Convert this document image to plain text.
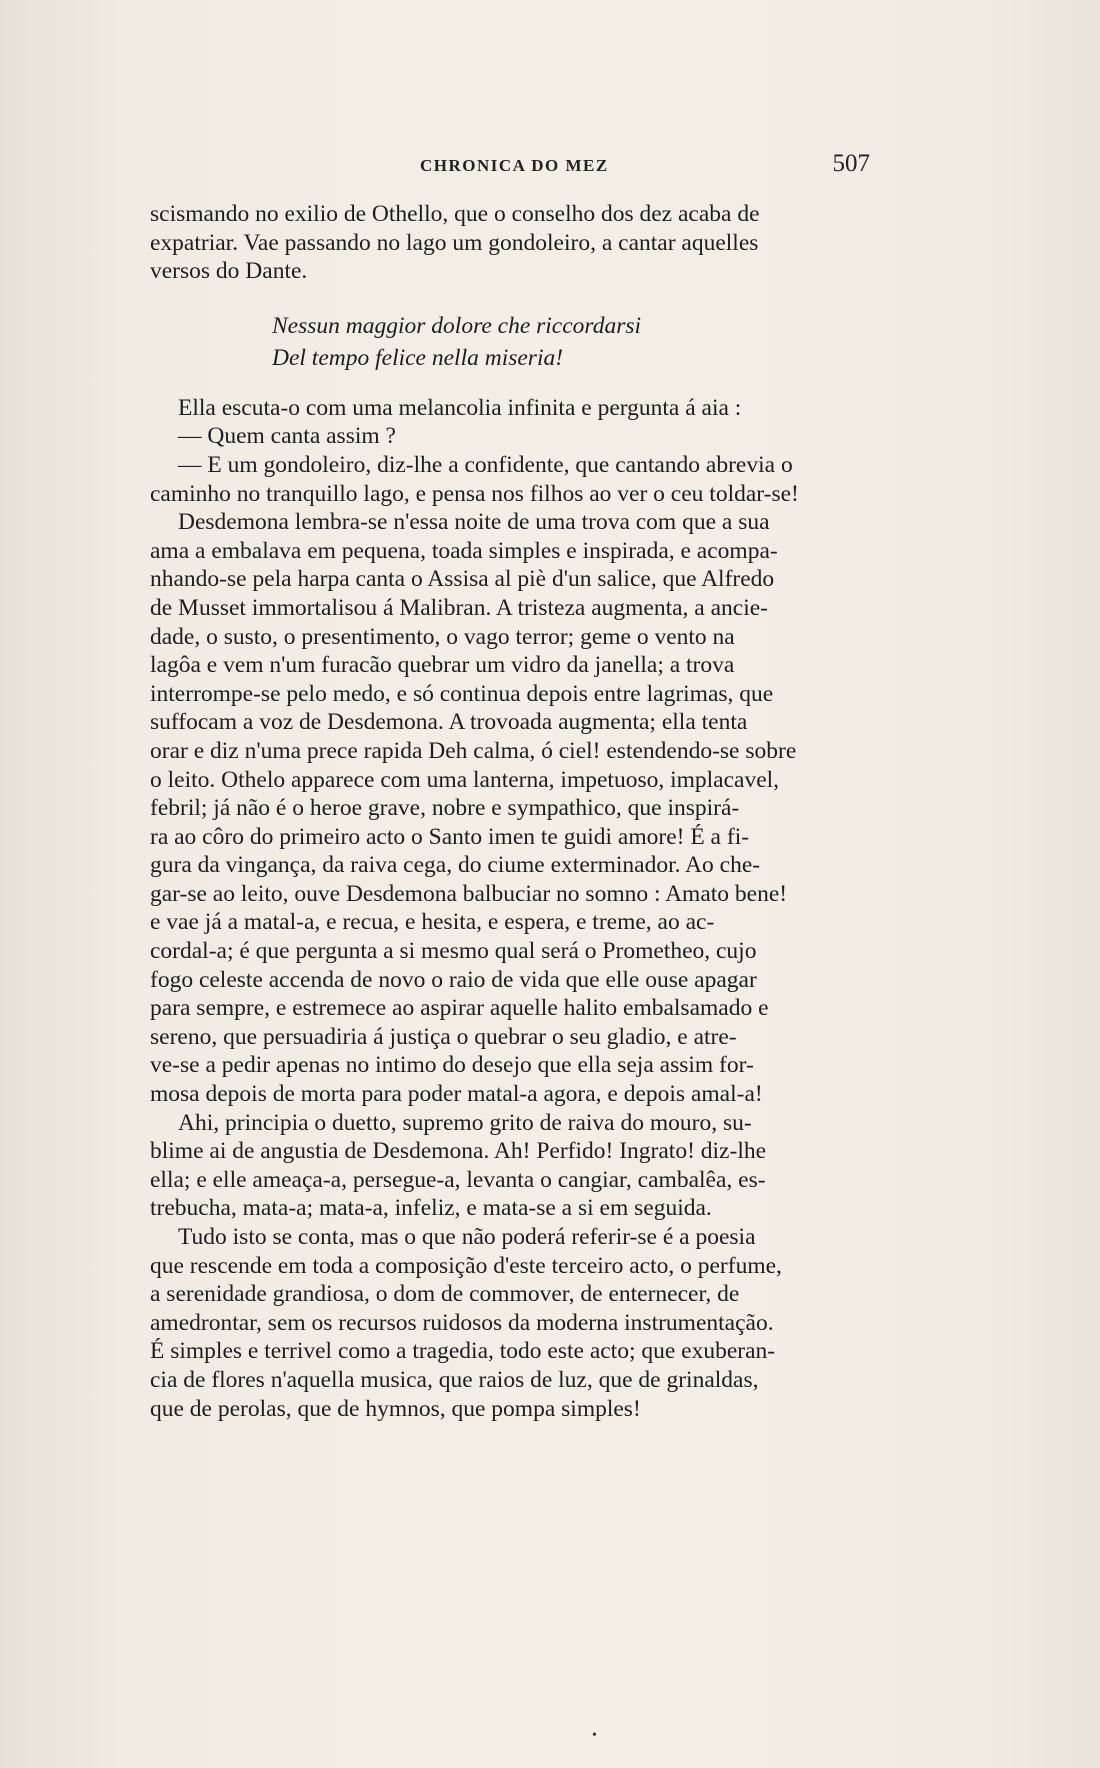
CHRONICA DO MEZ	507
scismando no exilio de Othello, que o conselho dos dez acaba de
expatriar. Vae passando no lago um gondoleiro, a cantar aquelles
versos do Dante.
Nessun maggior dolore che riccordarsi
Del tempo felice nella miseria!
Ella escuta-o com uma melancolia infinita e pergunta á aia :
— Quem canta assim ?
— E um gondoleiro, diz-lhe a confidente, que cantando abrevia o
caminho no tranquillo lago, e pensa nos filhos ao ver o ceu toldar-se!
Desdemona lembra-se n'essa noite de uma trova com que a sua
ama a embalava em pequena, toada simples e inspirada, e acompa-
nhando-se pela harpa canta o Assisa al piè d'un salice, que Alfredo
de Musset immortalisou á Malibran. A tristeza augmenta, a ancie-
dade, o susto, o presentimento, o vago terror; geme o vento na
lagôa e vem n'um furacão quebrar um vidro da janella; a trova
interrompe-se pelo medo, e só continua depois entre lagrimas, que
suffocam a voz de Desdemona. A trovoada augmenta; ella tenta
orar e diz n'uma prece rapida Deh calma, ó ciel! estendendo-se sobre
o leito. Othelo apparece com uma lanterna, impetuoso, implacavel,
febril; já não é o heroe grave, nobre e sympathico, que inspirá-
ra ao côro do primeiro acto o Santo imen te guidi amore! É a fi-
gura da vingança, da raiva cega, do ciume exterminador. Ao che-
gar-se ao leito, ouve Desdemona balbuciar no somno : Amato bene!
e vae já a matal-a, e recua, e hesita, e espera, e treme, ao ac-
cordal-a; é que pergunta a si mesmo qual será o Prometheo, cujo
fogo celeste accenda de novo o raio de vida que elle ouse apagar
para sempre, e estremece ao aspirar aquelle halito embalsamado e
sereno, que persuadiria á justiça o quebrar o seu gladio, e atre-
ve-se a pedir apenas no intimo do desejo que ella seja assim for-
mosa depois de morta para poder matal-a agora, e depois amal-a!
Ahi, principia o duetto, supremo grito de raiva do mouro, su-
blime ai de angustia de Desdemona. Ah! Perfido! Ingrato! diz-lhe
ella; e elle ameaça-a, persegue-a, levanta o cangiar, cambalêa, es-
trebucha, mata-a; mata-a, infeliz, e mata-se a si em seguida.
Tudo isto se conta, mas o que não poderá referir-se é a poesia
que rescende em toda a composição d'este terceiro acto, o perfume,
a serenidade grandiosa, o dom de commover, de enternecer, de
amedrontar, sem os recursos ruidosos da moderna instrumentação.
É simples e terrivel como a tragedia, todo este acto; que exuberan-
cia de flores n'aquella musica, que raios de luz, que de grinaldas,
que de perolas, que de hymnos, que pompa simples!
•
